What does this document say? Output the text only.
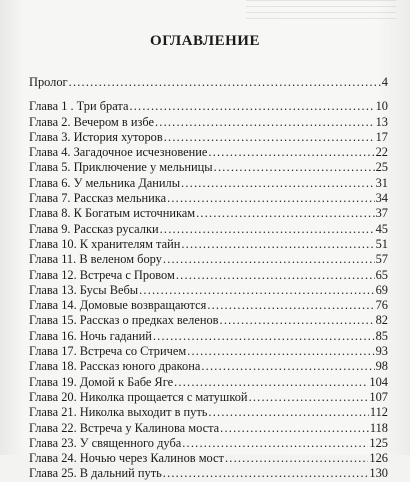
ОГЛАВЛЕНИЕ
Пролог .....	4
Глава 1 . Три брата .....	10
Глава 2. Вечером в избе .....	13
Глава 3. История хуторов .....	17
Глава 4. Загадочное исчезновение .....	22
Глава 5. Приключение у мельницы .....	25
Глава 6. У мельника Данилы .....	31
Глава 7. Рассказ мельника .....	34
Глава 8. К Богатым источникам .....	37
Глава 9. Рассказ русалки .....	45
Глава 10. К хранителям тайн .....	51
Глава 11. В веленом бору .....	57
Глава 12. Встреча с Провом .....	65
Глава 13. Бусы Вебы .....	69
Глава 14. Домовые возвращаются .....	76
Глава 15. Рассказ о предках веленов .....	82
Глава 16. Ночь гаданий .....	85
Глава 17. Встреча со Стричем .....	93
Глава 18. Рассказ юного дракона .....	98
Глава 19. Домой к Бабе Яге .....	104
Глава 20. Николка прощается с матушкой .....	107
Глава 21. Николка выходит в путь .....	112
Глава 22. Встреча у Калинова моста .....	118
Глава 23. У священного дуба .....	125
Глава 24. Ночью через Калинов мост .....	126
Глава 25. В дальний путь .....	130
